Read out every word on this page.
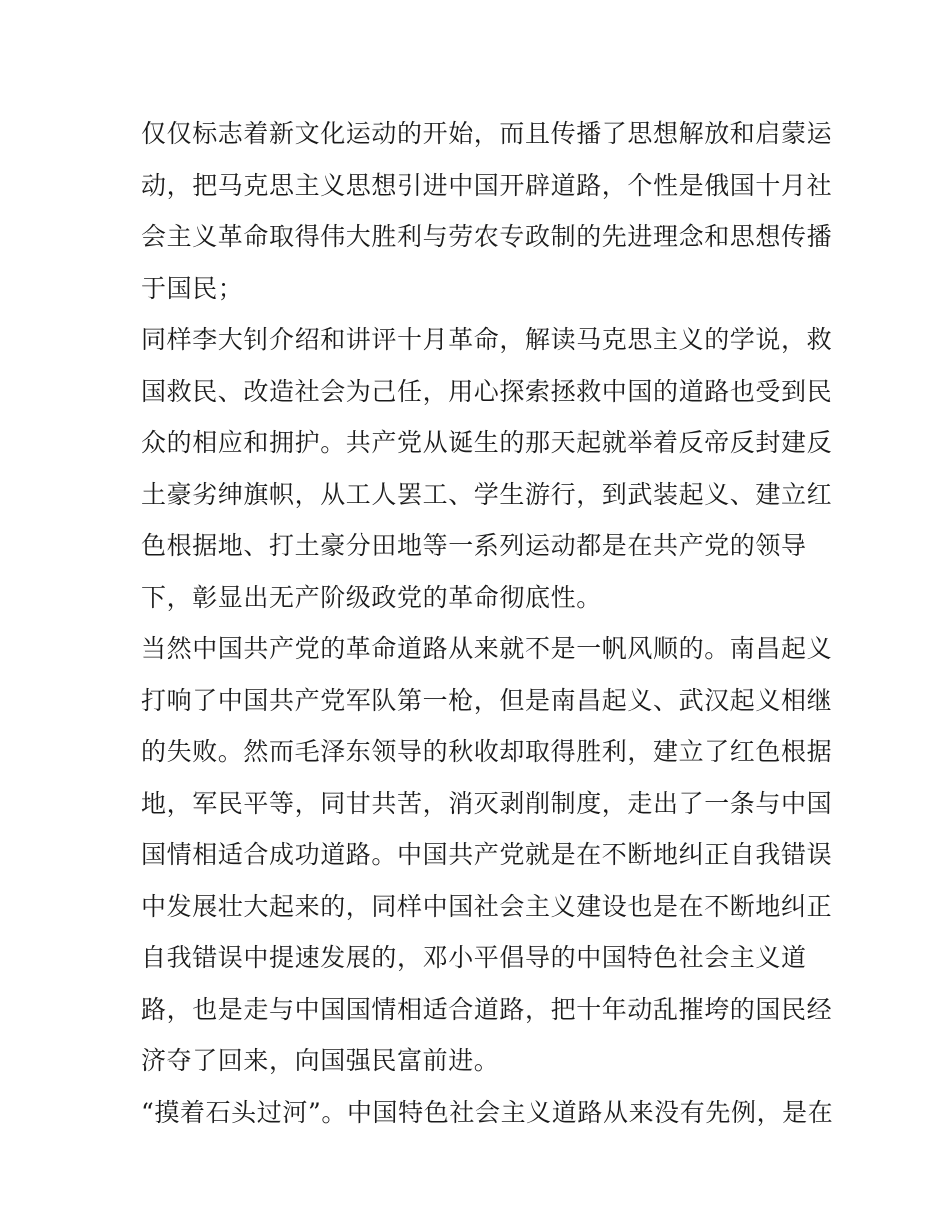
仅仅标志着新文化运动的开始，而且传播了思想解放和启蒙运
动，把马克思主义思想引进中国开辟道路，个性是俄国十月社
会主义革命取得伟大胜利与劳农专政制的先进理念和思想传播
于国民；
同样李大钊介绍和讲评十月革命，解读马克思主义的学说，救
国救民、改造社会为己任，用心探索拯救中国的道路也受到民
众的相应和拥护。共产党从诞生的那天起就举着反帝反封建反
土豪劣绅旗帜，从工人罢工、学生游行，到武装起义、建立红
色根据地、打土豪分田地等一系列运动都是在共产党的领导
下，彰显出无产阶级政党的革命彻底性。
当然中国共产党的革命道路从来就不是一帆风顺的。南昌起义
打响了中国共产党军队第一枪，但是南昌起义、武汉起义相继
的失败。然而毛泽东领导的秋收却取得胜利，建立了红色根据
地，军民平等，同甘共苦，消灭剥削制度，走出了一条与中国
国情相适合成功道路。中国共产党就是在不断地纠正自我错误
中发展壮大起来的，同样中国社会主义建设也是在不断地纠正
自我错误中提速发展的，邓小平倡导的中国特色社会主义道
路，也是走与中国国情相适合道路，把十年动乱摧垮的国民经
济夺了回来，向国强民富前进。
“摸着石头过河”。中国特色社会主义道路从来没有先例，是在
